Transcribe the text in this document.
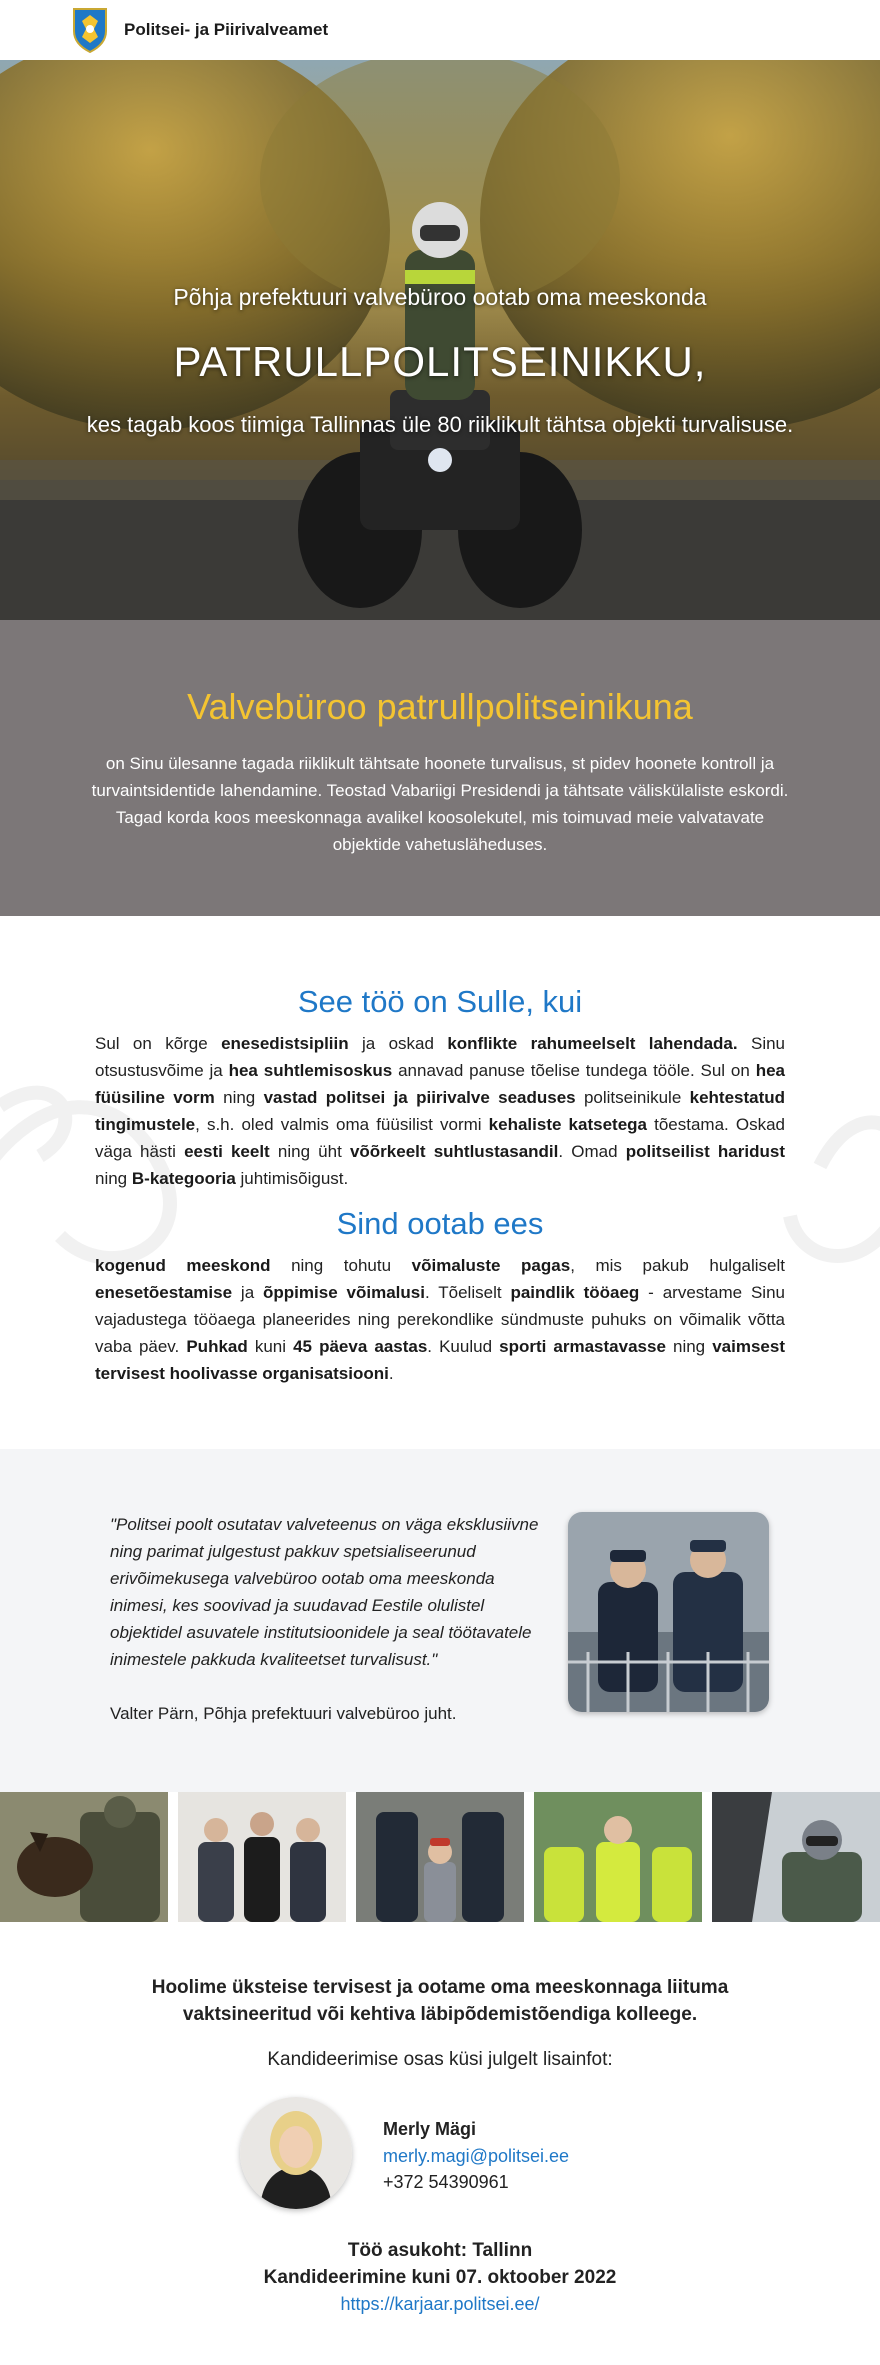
Politsei- ja Piirivalveamet
Põhja prefektuuri valvebüroo ootab oma meeskonda
PATRULLPOLITSEINIKKU,
kes tagab koos tiimiga Tallinnas üle 80 riiklikult tähtsa objekti turvalisuse.
Valvebüroo patrullpolitseinikuna

on Sinu ülesanne tagada riiklikult tähtsate hoonete turvalisus, st pidev hoonete kontroll ja turvaintsidentide lahendamine. Teostad Vabariigi Presidendi ja tähtsate väliskülaliste eskordi. Tagad korda koos meeskonnaga avalikel koosolekutel, mis toimuvad meie valvatavate objektide vahetusläheduses.

See töö on Sulle, kui

Sul on kõrge enesedistsipliin ja oskad konflikte rahumeelselt lahendada. Sinu otsustusvõime ja hea suhtlemisoskus annavad panuse tõelise tundega tööle. Sul on hea füüsiline vorm ning vastad politsei ja piirivalve seaduses politseinikule kehtestatud tingimustele, s.h. oled valmis oma füüsilist vormi kehaliste katsetega tõestama. Oskad väga hästi eesti keelt ning üht võõrkeelt suhtlustasandil. Omad politseilist haridust ning B-kategooria juhtimisõigust.

Sind ootab ees

kogenud meeskond ning tohutu võimaluste pagas, mis pakub hulgaliselt enesetõestamise ja õppimise võimalusi. Tõeliselt paindlik tööaeg - arvestame Sinu vajadustega tööaega planeerides ning perekondlike sündmuste puhuks on võimalik võtta vaba päev. Puhkad kuni 45 päeva aastas. Kuulud sporti armastavasse ning vaimsest tervisest hoolivasse organisatsiooni.

"Politsei poolt osutatav valveteenus on väga eksklusiivne ning parimat julgestust pakkuv spetsialiseerunud erivõimekusega valvebüroo ootab oma meeskonda inimesi, kes soovivad ja suudavad Eestile olulistel objektidel asuvatele institutsioonidele ja seal töötavatele inimestele pakkuda kvaliteetset turvalisust."
Valter Pärn, Põhja prefektuuri valvebüroo juht.
Hoolime üksteise tervisest ja ootame oma meeskonnaga liituma vaktsineeritud või kehtiva läbipõdemistõendiga kolleege.
Kandideerimise osas küsi julgelt lisainfot:
Merly Mägi
merly.magi@politsei.ee
+372 54390961
Töö asukoht: Tallinn
Kandideerimine kuni 07. oktoober 2022
https://karjaar.politsei.ee/
